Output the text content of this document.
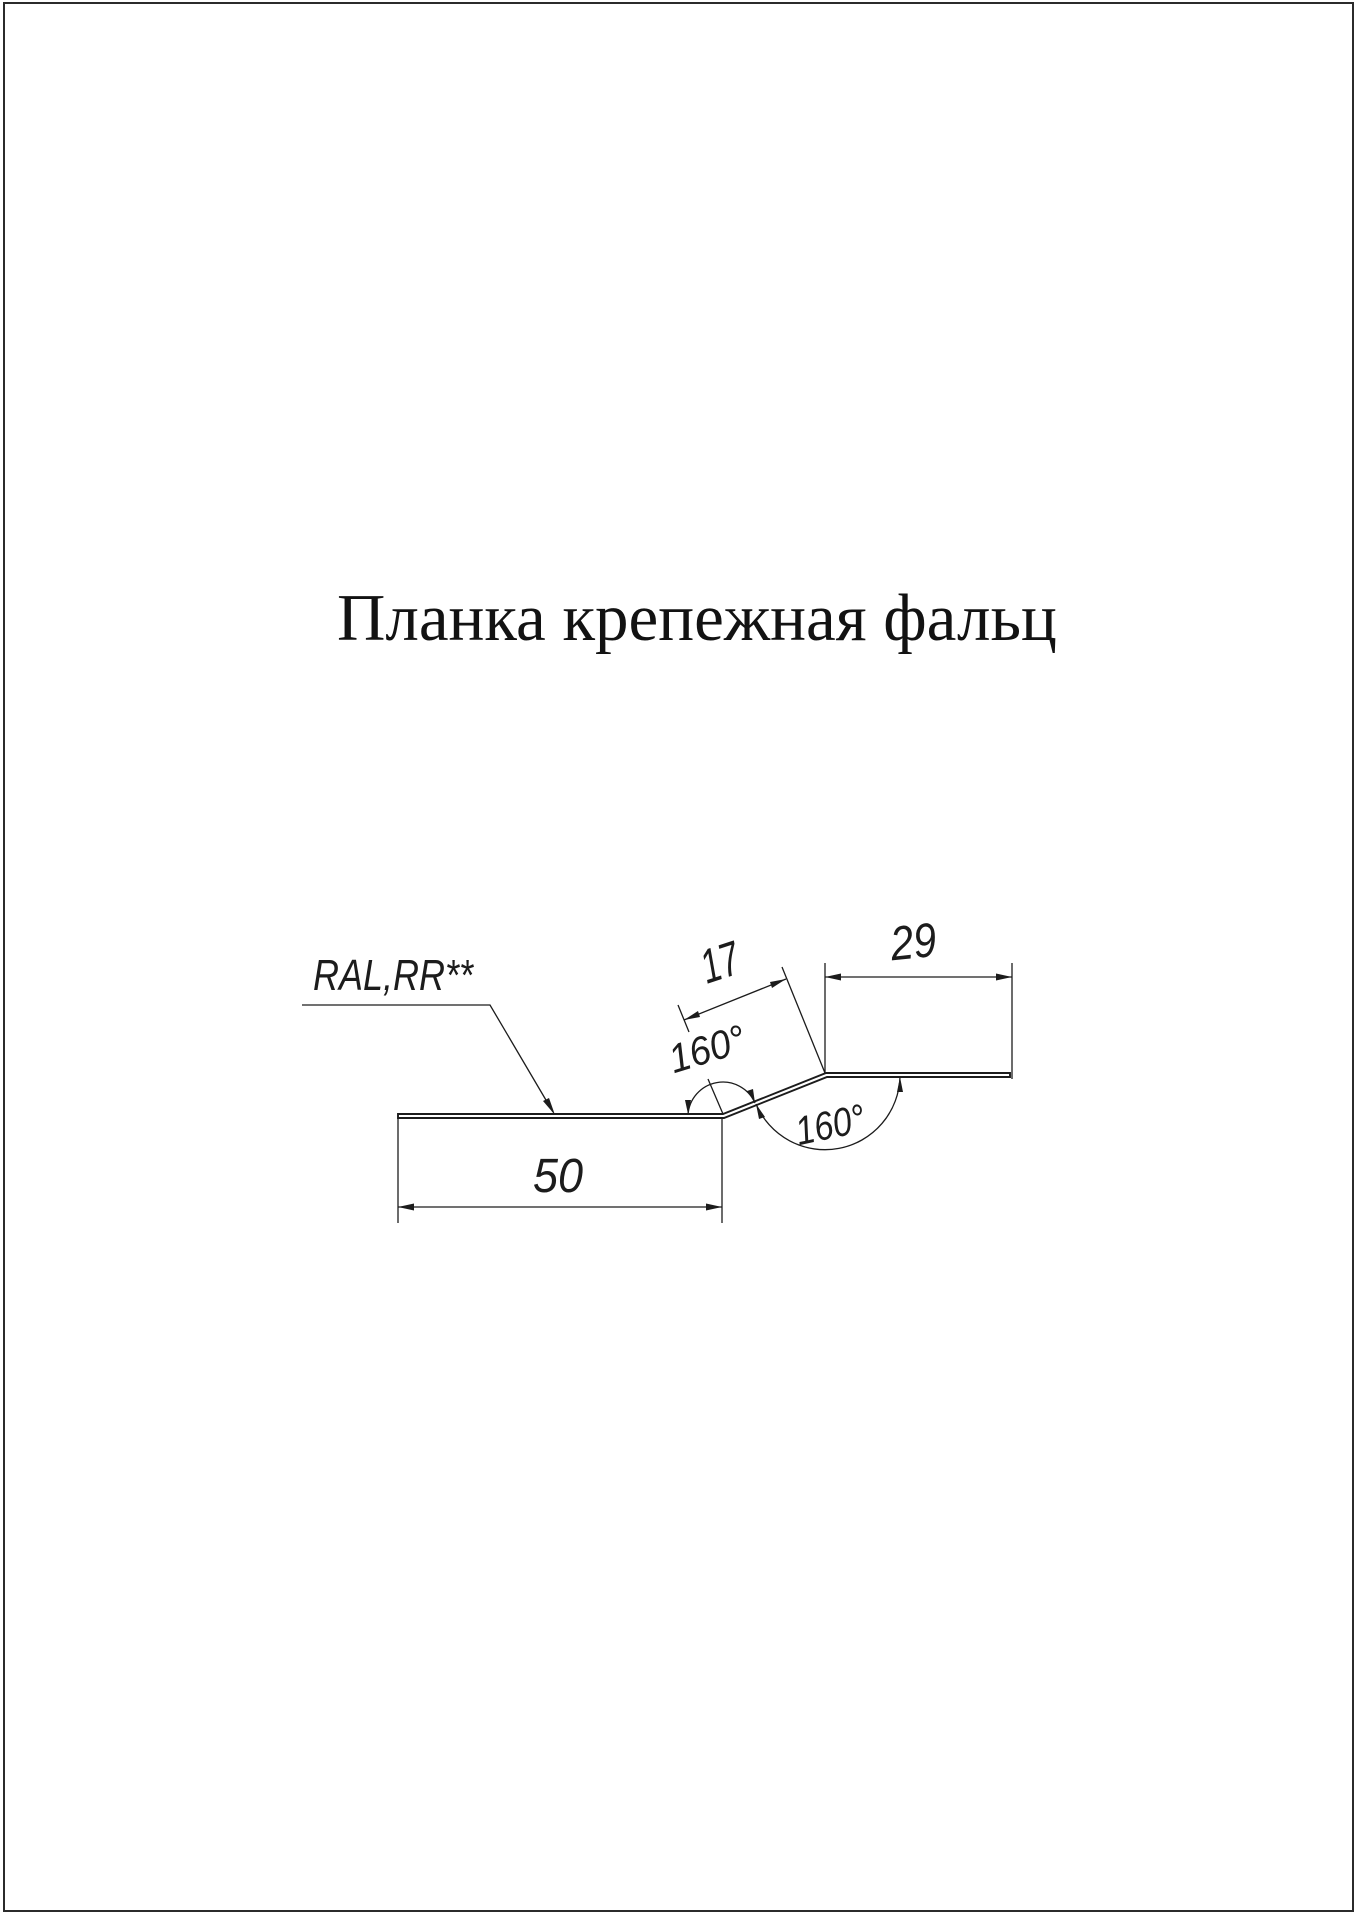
Планка крепежная фальц
50
17	29
160°
160°
RAL,RR**
